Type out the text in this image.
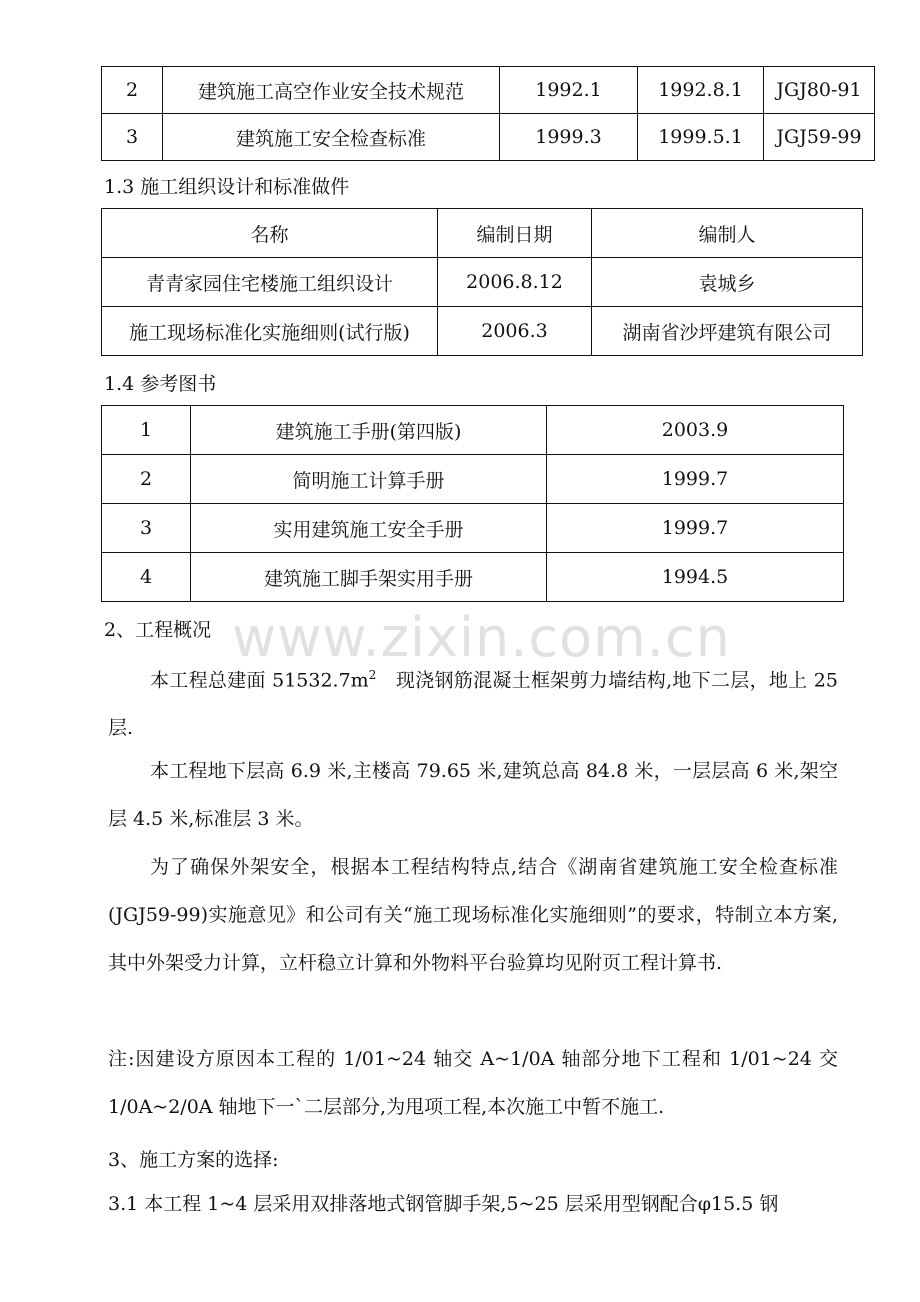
2	建筑施工高空作业安全技术规范	1992.1	1992.8.1	JGJ80-91
3	建筑施工安全检查标准	1999.3	1999.5.1	JGJ59-99
1.3 施工组织设计和标准做件
名称	编制日期	编制人
青青家园住宅楼施工组织设计	2006.8.12	袁城乡
施工现场标准化实施细则(试行版)	2006.3	湖南省沙坪建筑有限公司
1.4 参考图书
1	建筑施工手册(第四版)	2003.9
2	简明施工计算手册	1999.7
3	实用建筑施工安全手册	1999.7
4	建筑施工脚手架实用手册	1994.5
2、工程概况 www.zixin.com.cn
本工程总建面 $51532.7m^2$　现浇钢筋混凝土框架剪力墙结构,地下二层，地上 25 层.
本工程地下层高 6.9 米,主楼高 79.65 米,建筑总高 84.8 米，一层层高 6 米,架空层 4.5 米,标准层 3 米。
为了确保外架安全，根据本工程结构特点,结合《湖南省建筑施工安全检查标准(JGJ59-99)实施意见》和公司有关“施工现场标准化实施细则”的要求，特制立本方案,其中外架受力计算，立杆稳立计算和外物料平台验算均见附页工程计算书.
注:因建设方原因本工程的 1/01~24 轴交 A~1/0A 轴部分地下工程和 1/01~24 交 1/0A~2/0A 轴地下一`二层部分,为甩项工程,本次施工中暂不施工.
3、施工方案的选择:
3.1 本工程 1~4 层采用双排落地式钢管脚手架,5~25 层采用型钢配合φ15.5 钢
